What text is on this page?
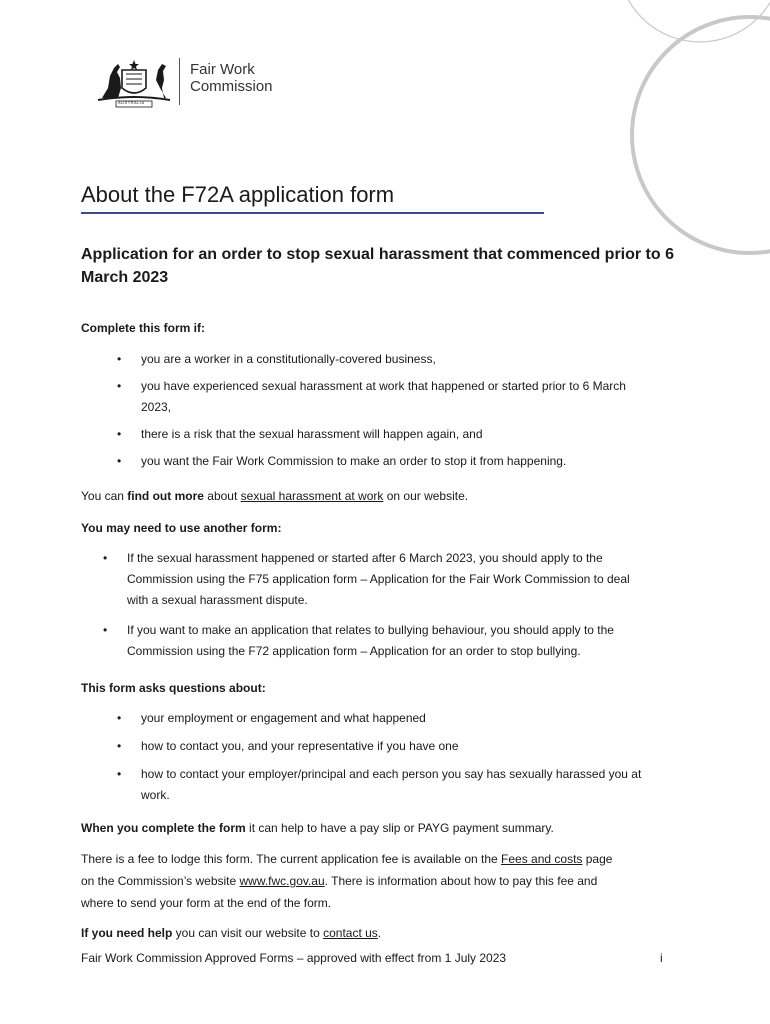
AUSTRALIA
Fair Work
Commission
About the F72A application form
Application for an order to stop sexual harassment that commenced prior to 6 March 2023
Complete this form if:
• you are a worker in a constitutionally-covered business,
• you have experienced sexual harassment at work that happened or started prior to 6 March
2023,
• there is a risk that the sexual harassment will happen again, and
• you want the Fair Work Commission to make an order to stop it from happening.
You can find out more about sexual harassment at work on our website.
You may need to use another form:
• If the sexual harassment happened or started after 6 March 2023, you should apply to the
Commission using the F75 application form – Application for the Fair Work Commission to deal
with a sexual harassment dispute.
• If you want to make an application that relates to bullying behaviour, you should apply to the
Commission using the F72 application form – Application for an order to stop bullying.
This form asks questions about:
• your employment or engagement and what happened
• how to contact you, and your representative if you have one
• how to contact your employer/principal and each person you say has sexually harassed you at
work.
When you complete the form it can help to have a pay slip or PAYG payment summary.
There is a fee to lodge this form. The current application fee is available on the Fees and costs page
on the Commission’s website www.fwc.gov.au. There is information about how to pay this fee and
where to send your form at the end of the form.
If you need help you can visit our website to contact us.
Fair Work Commission Approved Forms – approved with effect from 1 July 2023	i
